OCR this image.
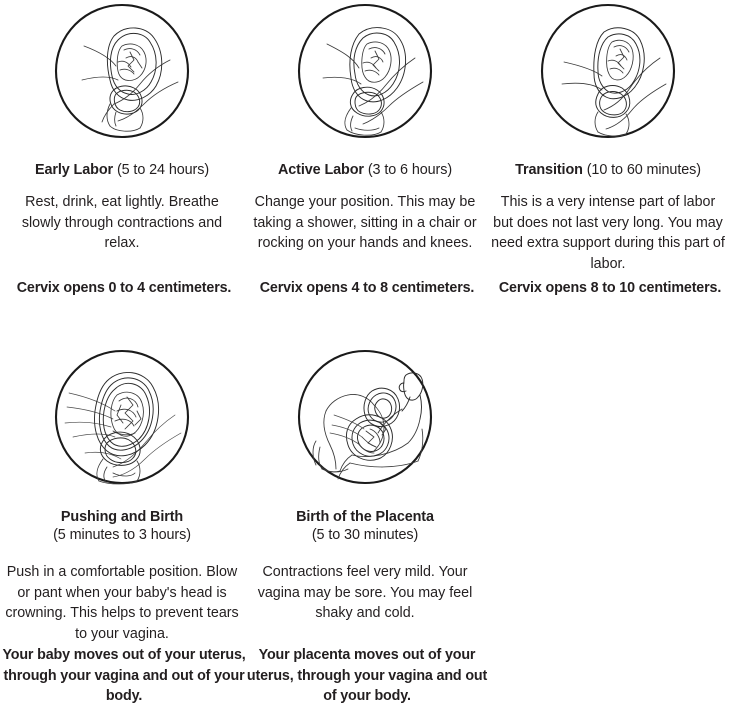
Early Labor (5 to 24 hours)

Rest, drink, eat lightly. Breathe slowly through contractions and relax.

Cervix opens 0 to 4 centimeters.

Active Labor (3 to 6 hours)

Change your position. This may be taking a shower, sitting in a chair or rocking on your hands and knees.

Cervix opens 4 to 8 centimeters.

Transition (10 to 60 minutes)

This is a very intense part of labor but does not last very long. You may need extra support during this part of labor.

Cervix opens 8 to 10 centimeters.

Pushing and Birth
(5 minutes to 3 hours)

Push in a comfortable position. Blow or pant when your baby's head is crowning. This helps to prevent tears to your vagina.

Your baby moves out of your uterus, through your vagina and out of your body.

Birth of the Placenta
(5 to 30 minutes)

Contractions feel very mild. Your vagina may be sore. You may feel shaky and cold.

Your placenta moves out of your uterus, through your vagina and out of your body.
